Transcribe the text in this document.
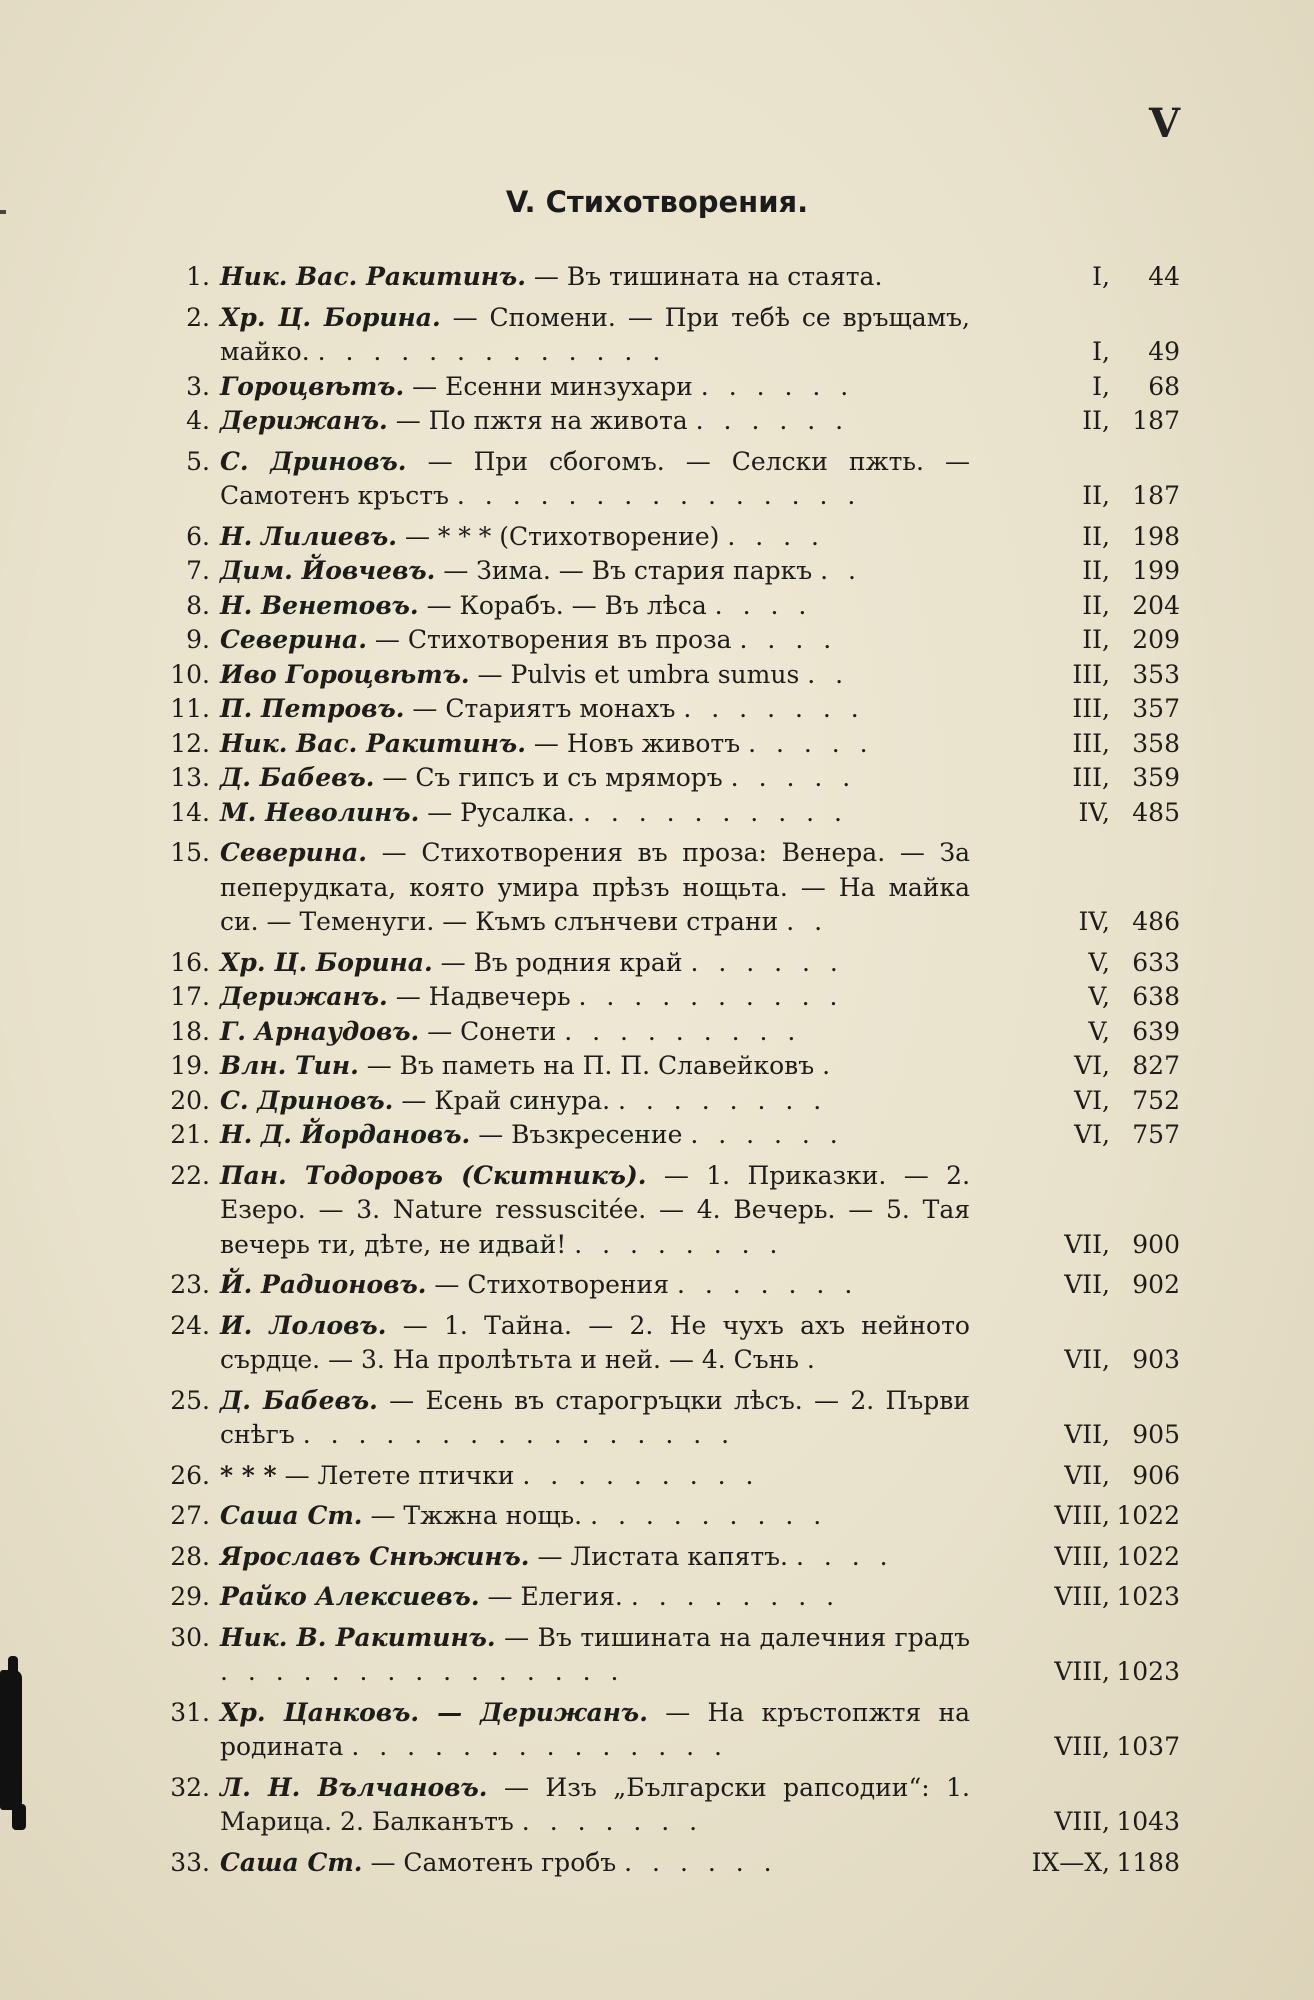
V
V. Стихотворения.
1. Ник. Вас. Ракитинъ. — Въ тишината на стаята.	I,	44
2. Хр. Ц. Борина. — Спомени. — При тебѣ се връщамъ, майко. . . . . . . . . . . . . .	I,	49
3. Гороцвѣтъ. — Есенни минзухари . . . . . .	I,	68
4. Дерижанъ. — По пжтя на живота . . . . . .	II, 187
5. С. Дриновъ. — При сбогомъ. — Селски пжть. — Самотенъ кръстъ . . . . . . . . . . . . . . .	II, 187
6. Н. Лилиевъ. — * * * (Стихотворение) . . . .	II, 198
7. Дим. Йовчевъ. — Зима. — Въ стария паркъ . .	II, 199
8. Н. Венетовъ. — Корабъ. — Въ лѣса . . . .	II, 204
9. Северина. — Стихотворения въ проза . . . .	II, 209
10. Иво Гороцвѣтъ. — Pulvis et umbra sumus . .	III, 353
11. П. Петровъ. — Стариятъ монахъ . . . . . . .	III, 357
12. Ник. Вас. Ракитинъ. — Новъ животъ . . . . .	III, 358
13. Д. Бабевъ. — Съ гипсъ и съ мряморъ . . . . .	III, 359
14. М. Неволинъ. — Русалка. . . . . . . . . . .	IV, 485
15. Северина. — Стихотворения въ проза: Венера. — За пеперудката, която умира прѣзъ нощьта. — На майка си. — Теменуги. — Къмъ слънчеви страни . .	IV, 486
16. Хр. Ц. Борина. — Въ родния край . . . . . .	V, 633
17. Дерижанъ. — Надвечерь . . . . . . . . . .	V, 638
18. Г. Арнаудовъ. — Сонети . . . . . . . . .	V, 639
19. Влн. Тин. — Въ паметь на П. П. Славейковъ .	VI, 827
20. С. Дриновъ. — Край синура. . . . . . . . .	VI, 752
21. Н. Д. Йордановъ. — Възкресение . . . . . .	VI, 757
22. Пан. Тодоровъ (Скитникъ). — 1. Приказки. — 2. Езеро. — 3. Nature ressuscitée. — 4. Вечерь. — 5. Тая вечерь ти, дѣте, не идвай! . . . . . . . .	VII, 900
23. Й. Радионовъ. — Стихотворения . . . . . . .	VII, 902
24. И. Лоловъ. — 1. Тайна. — 2. Не чухъ ахъ нейното сърдце. — 3. На пролѣтьта и ней. — 4. Сънь .	VII, 903
25. Д. Бабевъ. — Есень въ старогръцки лѣсъ. — 2. Първи снѣгъ . . . . . . . . . . . . . . . .	VII, 905
26. * * * — Летете птички . . . . . . . . .	VII, 906
27. Саша Ст. — Тжжна нощь. . . . . . . . . .	VIII, 1022
28. Ярославъ Снѣжинъ. — Листата капятъ. . . . .	VIII, 1022
29. Райко Алексиевъ. — Елегия. . . . . . . . .	VIII, 1023
30. Ник. В. Ракитинъ. — Въ тишината на далечния градъ . . . . . . . . . . . . . . .	VIII, 1023
31. Хр. Цанковъ. — Дерижанъ. — На кръстопжтя на родината . . . . . . . . . . . . . .	VIII, 1037
32. Л. Н. Вълчановъ. — Изъ „Български рапсодии“: 1. Марица. 2. Балканътъ . . . . . . .	VIII, 1043
33. Саша Ст. — Самотенъ гробъ . . . . . .	IX—X, 1188
